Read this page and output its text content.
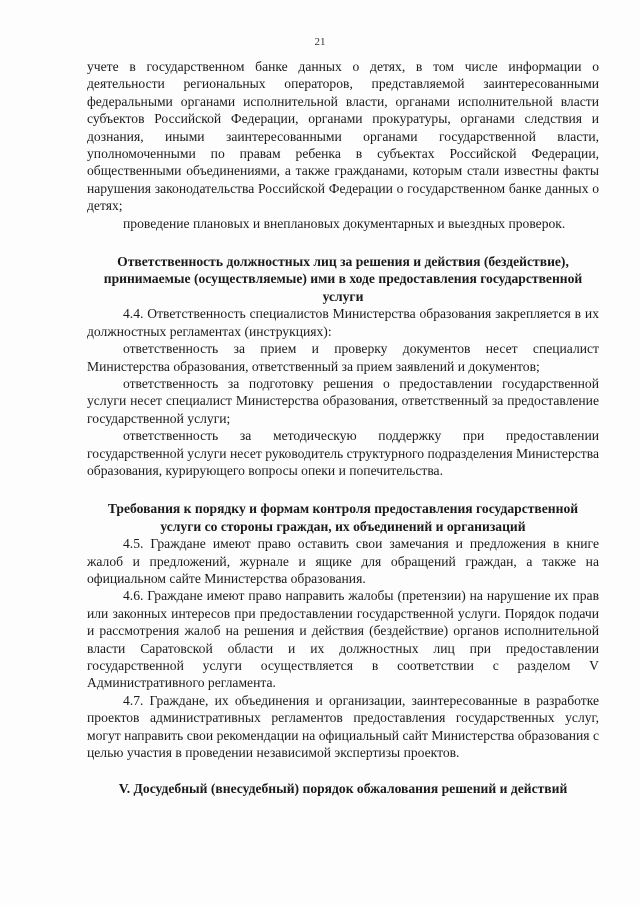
21

учете в государственном банке данных о детях, в том числе информации о деятельности региональных операторов, представляемой заинтересованными федеральными органами исполнительной власти, органами исполнительной власти субъектов Российской Федерации, органами прокуратуры, органами следствия и дознания, иными заинтересованными органами государственной власти, уполномоченными по правам ребенка в субъектах Российской Федерации, общественными объединениями, а также гражданами, которым стали известны факты нарушения законодательства Российской Федерации о государственном банке данных о детях;

проведение плановых и внеплановых документарных и выездных проверок.

Ответственность должностных лиц за решения и действия (бездействие), принимаемые (осуществляемые) ими в ходе предоставления государственной услуги

4.4. Ответственность специалистов Министерства образования закрепляется в их должностных регламентах (инструкциях):

ответственность за прием и проверку документов несет специалист Министерства образования, ответственный за прием заявлений и документов;

ответственность за подготовку решения о предоставлении государственной услуги несет специалист Министерства образования, ответственный за предоставление государственной услуги;

ответственность за методическую поддержку при предоставлении государственной услуги несет руководитель структурного подразделения Министерства образования, курирующего вопросы опеки и попечительства.

Требования к порядку и формам контроля предоставления государственной услуги со стороны граждан, их объединений и организаций

4.5. Граждане имеют право оставить свои замечания и предложения в книге жалоб и предложений, журнале и ящике для обращений граждан, а также на официальном сайте Министерства образования.

4.6. Граждане имеют право направить жалобы (претензии) на нарушение их прав или законных интересов при предоставлении государственной услуги. Порядок подачи и рассмотрения жалоб на решения и действия (бездействие) органов исполнительной власти Саратовской области и их должностных лиц при предоставлении государственной услуги осуществляется в соответствии с разделом V Административного регламента.

4.7. Граждане, их объединения и организации, заинтересованные в разработке проектов административных регламентов предоставления государственных услуг, могут направить свои рекомендации на официальный сайт Министерства образования с целью участия в проведении независимой экспертизы проектов.

V. Досудебный (внесудебный) порядок обжалования решений и действий
